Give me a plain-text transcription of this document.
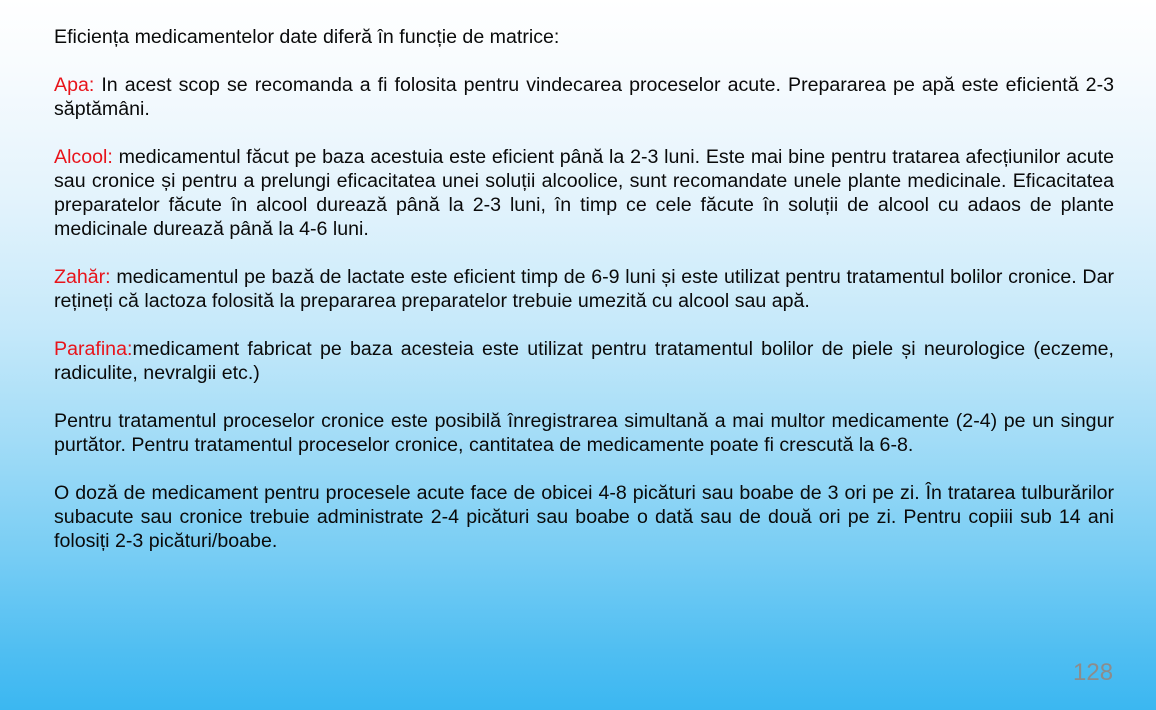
Eficiența medicamentelor date diferă în funcție de matrice:

Apa: In acest scop se recomanda a fi folosita pentru vindecarea proceselor acute. Prepararea pe apă este eficientă 2-3 săptămâni.

Alcool: medicamentul făcut pe baza acestuia este eficient până la 2-3 luni. Este mai bine pentru tratarea afecțiunilor acute sau cronice și pentru a prelungi eficacitatea unei soluții alcoolice, sunt recomandate unele plante medicinale. Eficacitatea preparatelor făcute în alcool durează până la 2-3 luni, în timp ce cele făcute în soluții de alcool cu adaos de plante medicinale durează până la 4-6 luni.

Zahăr: medicamentul pe bază de lactate este eficient timp de 6-9 luni și este utilizat pentru tratamentul bolilor cronice. Dar rețineți că lactoza folosită la prepararea preparatelor trebuie umezită cu alcool sau apă.

Parafina:medicament fabricat pe baza acesteia este utilizat pentru tratamentul bolilor de piele și neurologice (eczeme, radiculite, nevralgii etc.)

Pentru tratamentul proceselor cronice este posibilă înregistrarea simultană a mai multor medicamente (2-4) pe un singur purtător. Pentru tratamentul proceselor cronice, cantitatea de medicamente poate fi crescută la 6-8.

O doză de medicament pentru procesele acute face de obicei 4-8 picături sau boabe de 3 ori pe zi. În tratarea tulburărilor subacute sau cronice trebuie administrate 2-4 picături sau boabe o dată sau de două ori pe zi. Pentru copiii sub 14 ani folosiți 2-3 picături/boabe.

128
